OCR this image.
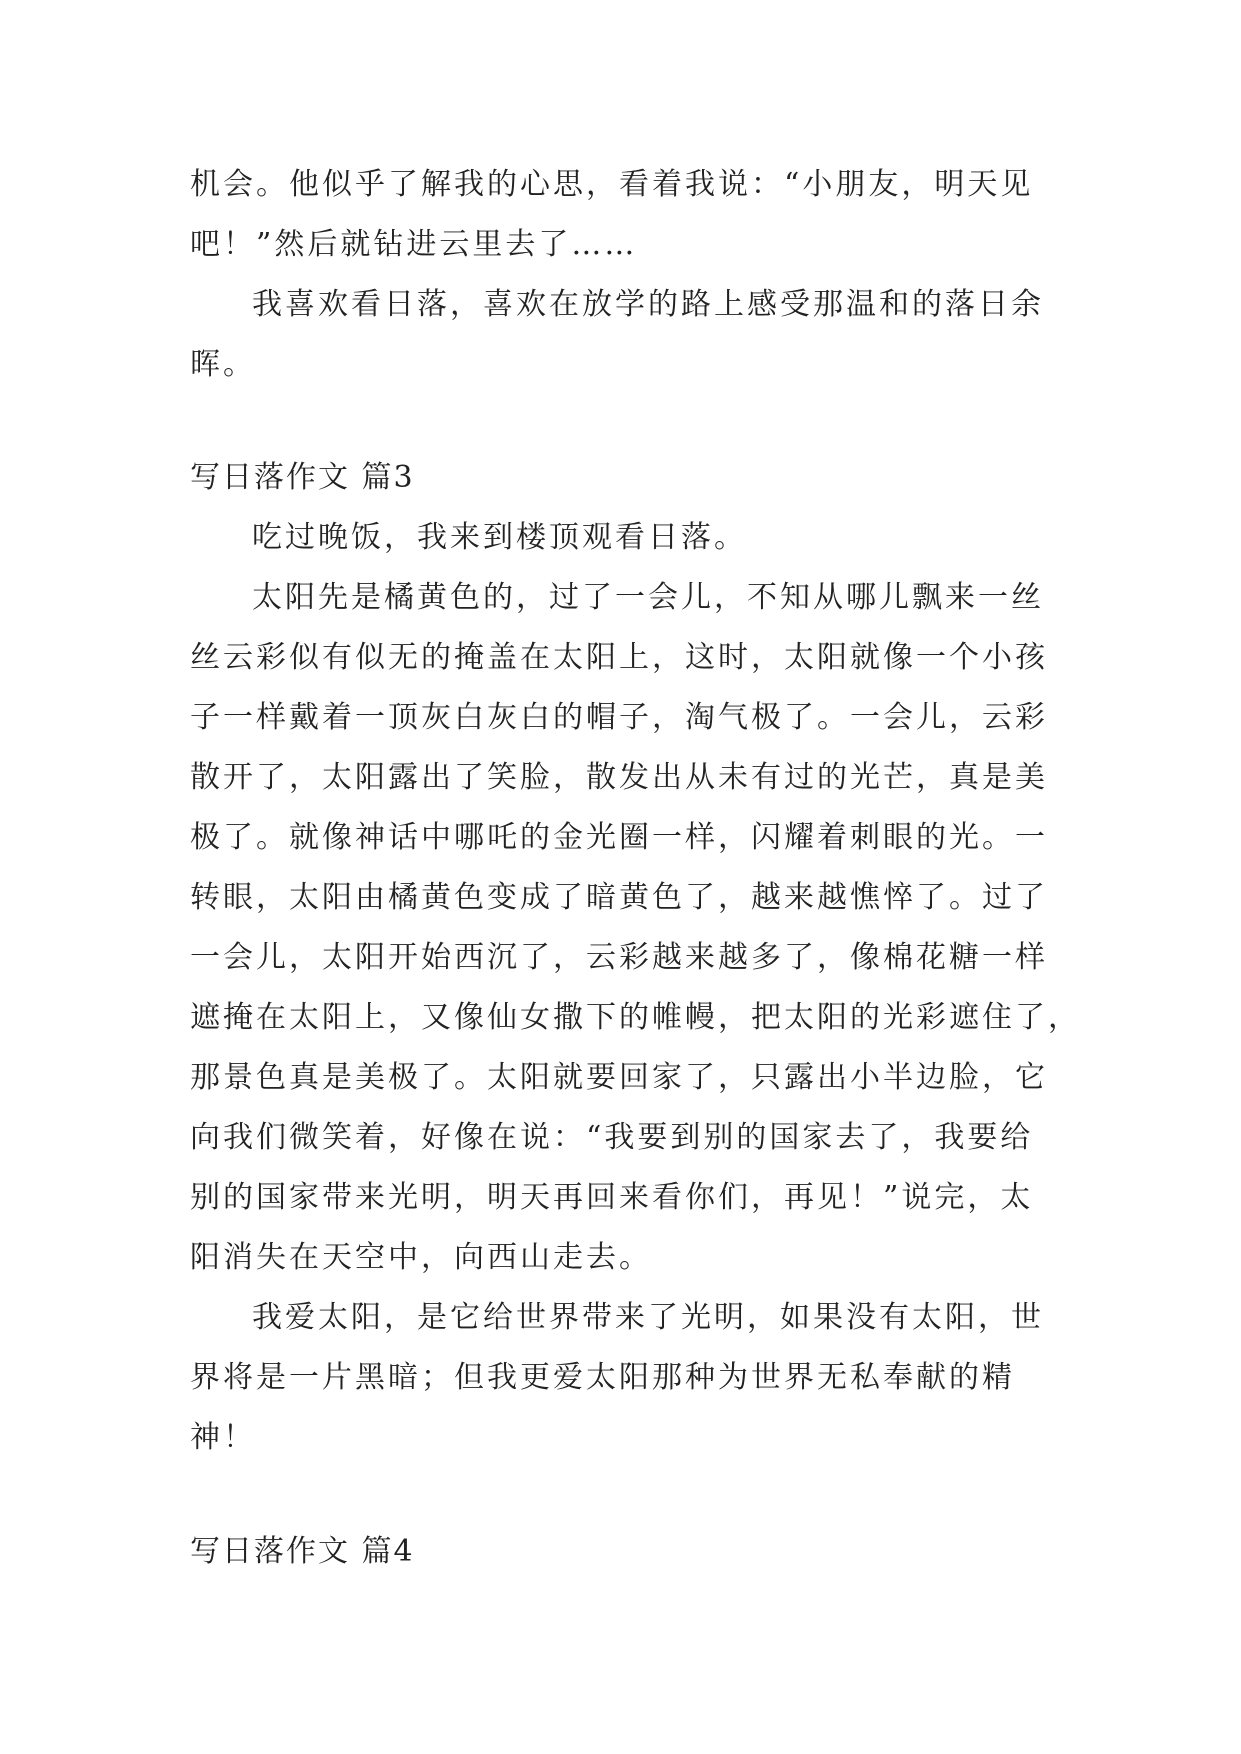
机会。他似乎了解我的心思，看着我说：“小朋友，明天见
吧！”然后就钻进云里去了……
我喜欢看日落，喜欢在放学的路上感受那温和的落日余
晖。
写日落作文 篇3
吃过晚饭，我来到楼顶观看日落。
太阳先是橘黄色的，过了一会儿，不知从哪儿飘来一丝
丝云彩似有似无的掩盖在太阳上，这时，太阳就像一个小孩
子一样戴着一顶灰白灰白的帽子，淘气极了。一会儿，云彩
散开了，太阳露出了笑脸，散发出从未有过的光芒，真是美
极了。就像神话中哪吒的金光圈一样，闪耀着刺眼的光。一
转眼，太阳由橘黄色变成了暗黄色了，越来越憔悴了。过了
一会儿，太阳开始西沉了，云彩越来越多了，像棉花糖一样
遮掩在太阳上，又像仙女撒下的帷幔，把太阳的光彩遮住了，
那景色真是美极了。太阳就要回家了，只露出小半边脸，它
向我们微笑着，好像在说：“我要到别的国家去了，我要给
别的国家带来光明，明天再回来看你们，再见！”说完，太
阳消失在天空中，向西山走去。
我爱太阳，是它给世界带来了光明，如果没有太阳，世
界将是一片黑暗；但我更爱太阳那种为世界无私奉献的精
神！
写日落作文 篇4
